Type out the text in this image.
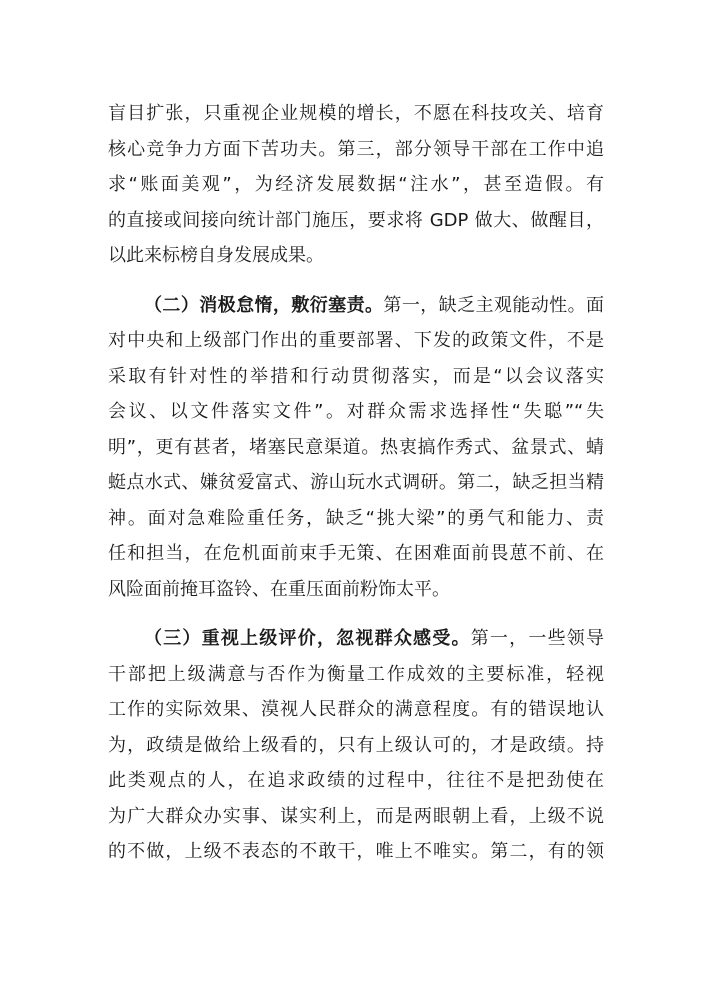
盲目扩张，只重视企业规模的增长，不愿在科技攻关、培育
核心竞争力方面下苦功夫。第三，部分领导干部在工作中追
求“账面美观”，为经济发展数据“注水”，甚至造假。有
的直接或间接向统计部门施压，要求将 GDP 做大、做醒目，
以此来标榜自身发展成果。
（二）消极怠惰，敷衍塞责。第一，缺乏主观能动性。面
对中央和上级部门作出的重要部署、下发的政策文件，不是
采取有针对性的举措和行动贯彻落实，而是“以会议落实
会议、以文件落实文件”。对群众需求选择性“失聪”“失
明”，更有甚者，堵塞民意渠道。热衷搞作秀式、盆景式、蜻
蜓点水式、嫌贫爱富式、游山玩水式调研。第二，缺乏担当精
神。面对急难险重任务，缺乏“挑大梁”的勇气和能力、责
任和担当，在危机面前束手无策、在困难面前畏葸不前、在
风险面前掩耳盗铃、在重压面前粉饰太平。
（三）重视上级评价，忽视群众感受。第一，一些领导
干部把上级满意与否作为衡量工作成效的主要标准，轻视
工作的实际效果、漠视人民群众的满意程度。有的错误地认
为，政绩是做给上级看的，只有上级认可的，才是政绩。持
此类观点的人，在追求政绩的过程中，往往不是把劲使在
为广大群众办实事、谋实利上，而是两眼朝上看，上级不说
的不做，上级不表态的不敢干，唯上不唯实。第二，有的领
